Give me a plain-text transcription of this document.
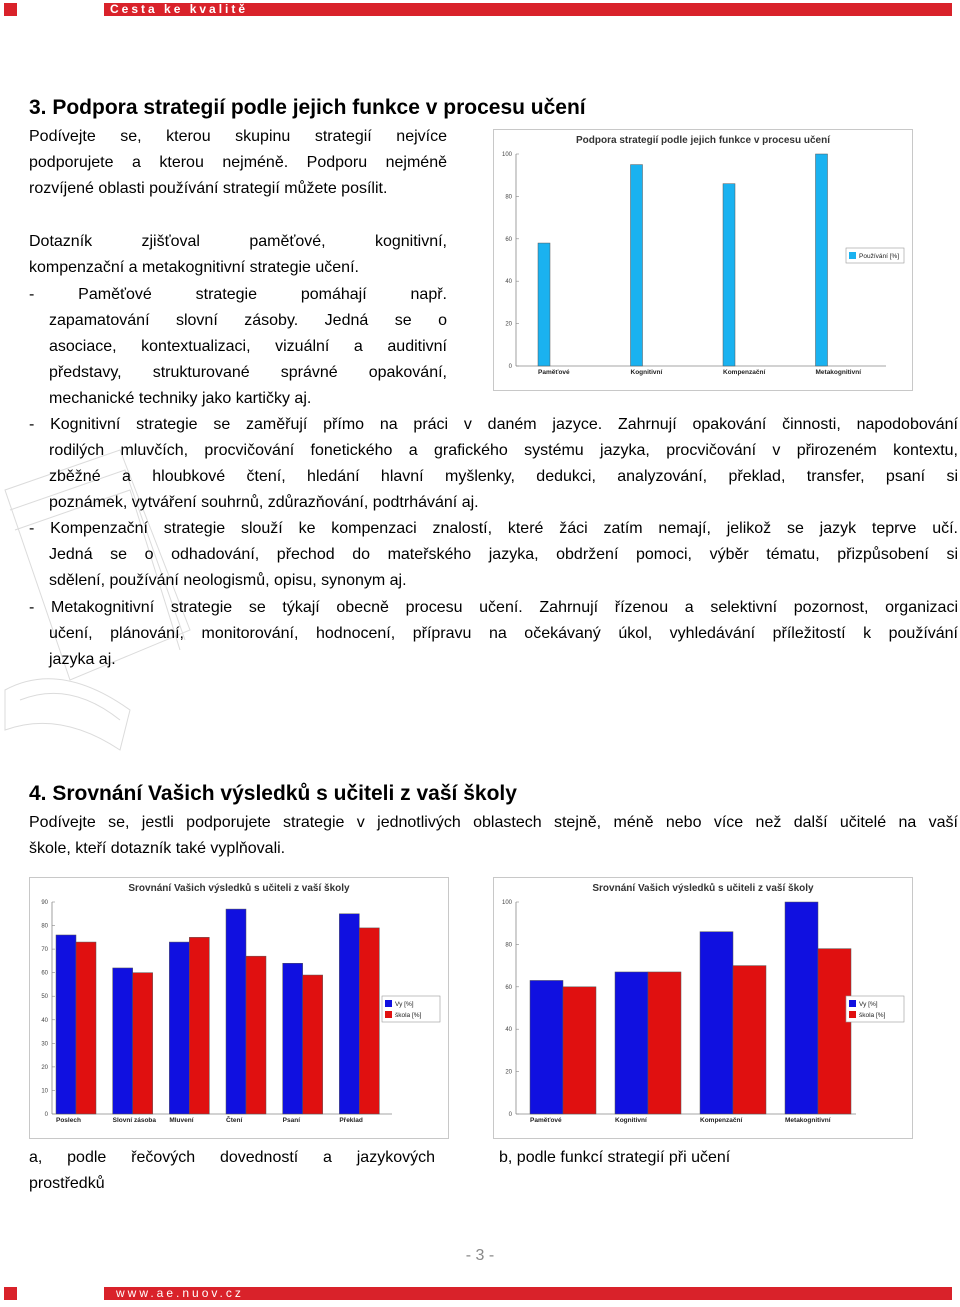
Cesta ke kvalitě
3. Podpora strategií podle jejich funkce v procesu učení
Podívejte se, kterou skupinu strategií nejvíce
podporujete a kterou nejméně. Podporu nejméně
rozvíjené oblasti používání strategií můžete posílit.
Dotazník zjišťoval paměťové, kognitivní,
kompenzační a metakognitivní strategie učení.
- Paměťové strategie pomáhají např.
zapamatování slovní zásoby. Jedná se o
asociace, kontextualizaci, vizuální a auditivní
představy, strukturované správné opakování,
mechanické techniky jako kartičky aj.
- Kognitivní strategie se zaměřují přímo na práci v daném jazyce. Zahrnují opakování činnosti, napodobování
rodilých mluvčích, procvičování fonetického a grafického systému jazyka, procvičování v přirozeném kontextu,
zběžné a hloubkové čtení, hledání hlavní myšlenky, dedukci, analyzování, překlad, transfer, psaní si
poznámek, vytváření souhrnů, zdůrazňování, podtrhávání aj.
- Kompenzační strategie slouží ke kompenzaci znalostí, které žáci zatím nemají, jelikož se jazyk teprve učí.
Jedná se o odhadování, přechod do mateřského jazyka, obdržení pomoci, výběr tématu, přizpůsobení si
sdělení, používání neologismů, opisu, synonym aj.
- Metakognitivní strategie se týkají obecně procesu učení. Zahrnují řízenou a selektivní pozornost, organizaci
učení, plánování, monitorování, hodnocení, přípravu na očekávaný úkol, vyhledávání příležitostí k používání
jazyka aj.
Podpora strategií podle jejich funkce v procesu učení
0
20
40
60
80
100
Paměťové	Kognitivní	Kompenzační	Metakognitivní
Používání [%]
4. Srovnání Vašich výsledků s učiteli z vaší školy
Podívejte se, jestli podporujete strategie v jednotlivých oblastech stejně, méně nebo více než další učitelé na vaší
škole, kteří dotazník také vyplňovali.
Srovnání Vašich výsledků s učiteli z vaší školy
0
10
20
30
40
50
60
70
80
90
Poslech	Slovní zásoba Mluvení	Čtení	Psaní	Překlad
Vy [%]
škola [%]
Srovnání Vašich výsledků s učiteli z vaší školy
0
20
40
60
80
100
Paměťové	Kognitivní	Kompenzační	Metakognitivní
Vy [%]
škola [%]
a, podle řečových dovedností a jazykových
prostředků
b, podle funkcí strategií při učení
- 3 -
www.ae.nuov.cz
